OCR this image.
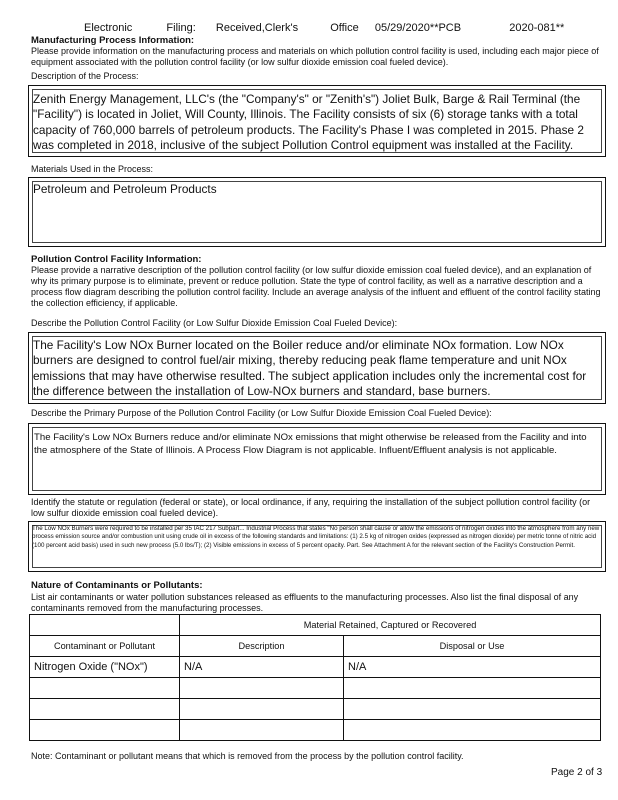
Electronic	Filing: Received,Clerk's	Office 05/29/2020**PCB	2020-081**
Manufacturing Process Information:
Please provide information on the manufacturing process and materials on which pollution control facility is used, including each major piece of equipment associated with the pollution control facility (or low sulfur dioxide emission coal fueled device).
Description of the Process:
Zenith Energy Management, LLC's (the "Company's" or "Zenith's") Joliet Bulk, Barge & Rail Terminal (the "Facility") is located in Joliet, Will County, Illinois. The Facility consists of six (6) storage tanks with a total capacity of 760,000 barrels of petroleum products. The Facility's Phase I was completed in 2015. Phase 2 was completed in 2018, inclusive of the subject Pollution Control equipment was installed at the Facility.
Materials Used in the Process:
Petroleum and Petroleum Products
Pollution Control Facility Information:
Please provide a narrative description of the pollution control facility (or low sulfur dioxide emission coal fueled device), and an explanation of why its primary purpose is to eliminate, prevent or reduce pollution. State the type of control facility, as well as a narrative description and a process flow diagram describing the pollution control facility. Include an average analysis of the influent and effluent of the control facility stating the collection efficiency, if applicable.
Describe the Pollution Control Facility (or Low Sulfur Dioxide Emission Coal Fueled Device):
The Facility's Low NOx Burner located on the Boiler reduce and/or eliminate NOx formation. Low NOx burners are designed to control fuel/air mixing, thereby reducing peak flame temperature and unit NOx emissions that may have otherwise resulted. The subject application includes only the incremental cost for the difference between the installation of Low-NOx burners and standard, base burners.
Describe the Primary Purpose of the Pollution Control Facility (or Low Sulfur Dioxide Emission Coal Fueled Device):
The Facility's Low NOx Burners reduce and/or eliminate NOx emissions that might otherwise be released from the Facility and into the atmosphere of the State of Illinois. A Process Flow Diagram is not applicable. Influent/Effluent analysis is not applicable.
Identify the statute or regulation (federal or state), or local ordinance, if any, requiring the installation of the subject pollution control facility (or low sulfur dioxide emission coal fueled device).
The Low NOx Burners were required to be installed per 35 IAC 217 Subpart... Industrial Process that states "No person shall cause or allow the emissions of nitrogen oxides into the atmosphere from any new process emission source and/or combustion unit using crude oil in excess of the following standards and limitations: (1) 2.5 kg of nitrogen oxides (expressed as nitrogen dioxide) per metric tonne of nitric acid (100 percent acid basis) used in such new process (5.0 lbs/T); (2) Visible emissions in excess of 5 percent opacity. Part. See Attachment A for the relevant section of the Facility's Construction Permit.
Nature of Contaminants or Pollutants:
List air contaminants or water pollution substances released as effluents to the manufacturing processes. Also list the final disposal of any contaminants removed from the manufacturing processes.
	Material Retained, Captured or Recovered	
Contaminant or Pollutant	Description	Disposal or Use
Nitrogen Oxide ("NOx")	N/A	N/A

Note: Contaminant or pollutant means that which is removed from the process by the pollution control facility.
Page 2 of 3
